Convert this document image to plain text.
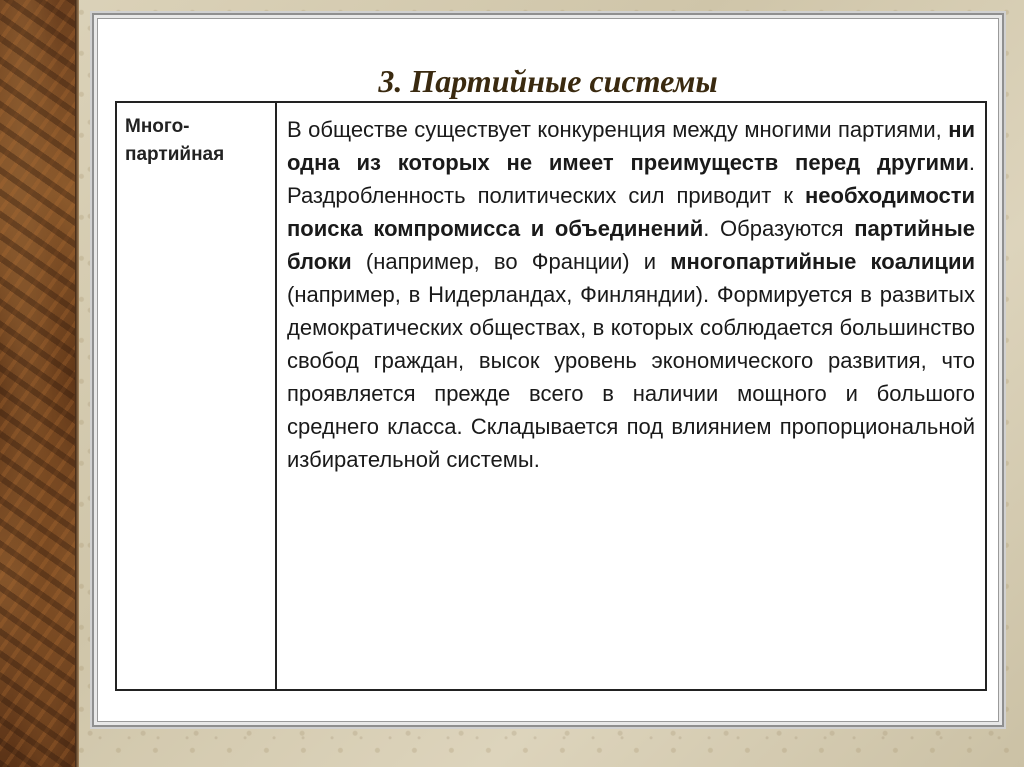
3. Партийные системы
Много-
партийная
В обществе существует конкуренция между многими партиями, ни одна из которых не имеет преимуществ перед другими. Раздробленность политических сил приводит к необходимости поиска компромисса и объединений. Образуются партийные блоки (например, во Франции) и многопартийные коалиции (например, в Нидерландах, Финляндии). Формируется в развитых демократических обществах, в которых соблюдается большинство свобод граждан, высок уровень экономического развития, что проявляется прежде всего в наличии мощного и большого среднего класса. Складывается под влиянием пропорциональной избирательной системы.
